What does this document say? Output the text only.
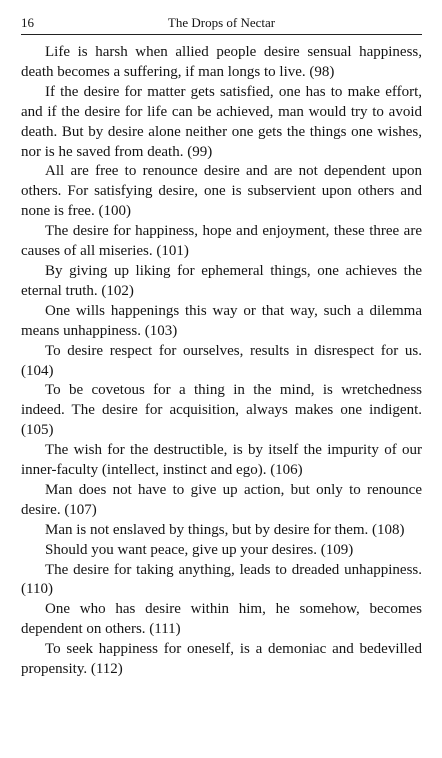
16	The Drops of Nectar

Life is harsh when allied people desire sensual happiness, death becomes a suffering, if man longs to live. (98)

If the desire for matter gets satisfied, one has to make effort, and if the desire for life can be achieved, man would try to avoid death. But by desire alone neither one gets the things one wishes, nor is he saved from death. (99)

All are free to renounce desire and are not dependent upon others. For satisfying desire, one is subservient upon others and none is free. (100)

The desire for happiness, hope and enjoyment, these three are causes of all miseries. (101)

By giving up liking for ephemeral things, one achieves the eternal truth. (102)

One wills happenings this way or that way, such a dilemma means unhappiness. (103)

To desire respect for ourselves, results in disrespect for us. (104)

To be covetous for a thing in the mind, is wretchedness indeed. The desire for acquisition, always makes one indigent. (105)

The wish for the destructible, is by itself the impurity of our inner-faculty (intellect, instinct and ego). (106)

Man does not have to give up action, but only to renounce desire. (107)

Man is not enslaved by things, but by desire for them. (108)

Should you want peace, give up your desires. (109)

The desire for taking anything, leads to dreaded unhappiness. (110)

One who has desire within him, he somehow, becomes dependent on others. (111)

To seek happiness for oneself, is a demoniac and bedevilled propensity. (112)
